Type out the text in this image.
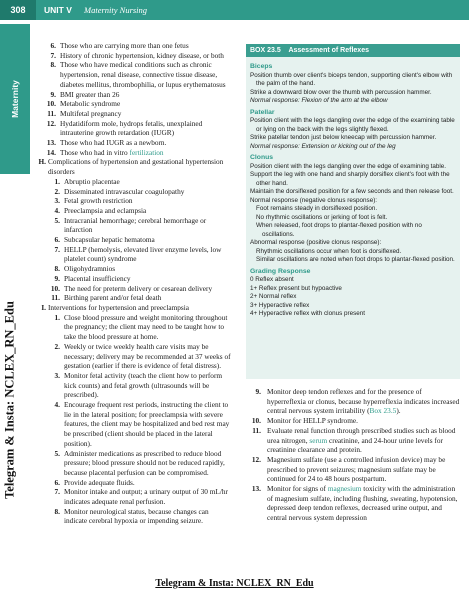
308	UNIT V Maternity Nursing
Maternity
Telegram & Insta: NCLEX_RN_Edu
6. Those who are carrying more than one fetus
7. History of chronic hypertension, kidney disease, or both
8. Those who have medical conditions such as chronic hypertension, renal disease, connective tissue disease, diabetes mellitus, thrombophilia, or lupus erythematosus
9. BMI greater than 26
10. Metabolic syndrome
11. Multifetal pregnancy
12. Hydatidiform mole, hydrops fetalis, unexplained intrauterine growth retardation (IUGR)
13. Those who had IUGR as a newborn.
14. Those who had in vitro fertilization
H. Complications of hypertension and gestational hypertension disorders
1. Abruptio placentae
2. Disseminated intravascular coagulopathy
3. Fetal growth restriction
4. Preeclampsia and eclampsia
5. Intracranial hemorrhage; cerebral hemorrhage or infarction
6. Subcapsular hepatic hematoma
7. HELLP (hemolysis, elevated liver enzyme levels, low platelet count) syndrome
8. Oligohydramnios
9. Placental insufficiency
10. The need for preterm delivery or cesarean delivery
11. Birthing parent and/or fetal death
I. Interventions for hypertension and preeclampsia
1. Close blood pressure and weight monitoring throughout the pregnancy; the client may need to be taught how to take the blood pressure at home.
2. Weekly or twice weekly health care visits may be necessary; delivery may be recommended at 37 weeks of gestation (earlier if there is evidence of fetal distress).
3. Monitor fetal activity (teach the client how to perform kick counts) and fetal growth (ultrasounds will be prescribed).
4. Encourage frequent rest periods, instructing the client to lie in the lateral position; for preeclampsia with severe features, the client may be hospitalized and bed rest may be prescribed (client should be placed in the lateral position).
5. Administer medications as prescribed to reduce blood pressure; blood pressure should not be reduced rapidly, because placental perfusion can be compromised.
6. Provide adequate fluids.
7. Monitor intake and output; a urinary output of 30 mL/hr indicates adequate renal perfusion.
8. Monitor neurological status, because changes can indicate cerebral hypoxia or impending seizure.
BOX 23.5 Assessment of Reflexes
Biceps
Position thumb over client's biceps tendon, supporting client's elbow with the palm of the hand.
Strike a downward blow over the thumb with percussion hammer.
Normal response: Flexion of the arm at the elbow
Patellar
Position client with the legs dangling over the edge of the examining table or lying on the back with the legs slightly flexed.
Strike patellar tendon just below kneecap with percussion hammer.
Normal response: Extension or kicking out of the leg
Clonus
Position client with the legs dangling over the edge of examining table.
Support the leg with one hand and sharply dorsiflex client's foot with the other hand.
Maintain the dorsiflexed position for a few seconds and then release foot.
Normal response (negative clonus response):
Foot remains steady in dorsiflexed position.
No rhythmic oscillations or jerking of foot is felt.
When released, foot drops to plantar-flexed position with no oscillations.
Abnormal response (positive clonus response):
Rhythmic oscillations occur when foot is dorsiflexed.
Similar oscillations are noted when foot drops to plantar-flexed position.
Grading Response
0 Reflex absent
1+ Reflex present but hypoactive
2+ Normal reflex
3+ Hyperactive reflex
4+ Hyperactive reflex with clonus present
9. Monitor deep tendon reflexes and for the presence of hyperreflexia or clonus, because hyperreflexia indicates increased central nervous system irritability (Box 23.5).
10. Monitor for HELLP syndrome.
11. Evaluate renal function through prescribed studies such as blood urea nitrogen, serum creatinine, and 24-hour urine levels for creatinine clearance and protein.
12. Magnesium sulfate (use a controlled infusion device) may be prescribed to prevent seizures; magnesium sulfate may be continued for 24 to 48 hours postpartum.
13. Monitor for signs of magnesium toxicity with the administration of magnesium sulfate, including flushing, sweating, hypotension, depressed deep tendon reflexes, decreased urine output, and central nervous system depression
Telegram & Insta: NCLEX_RN_Edu
